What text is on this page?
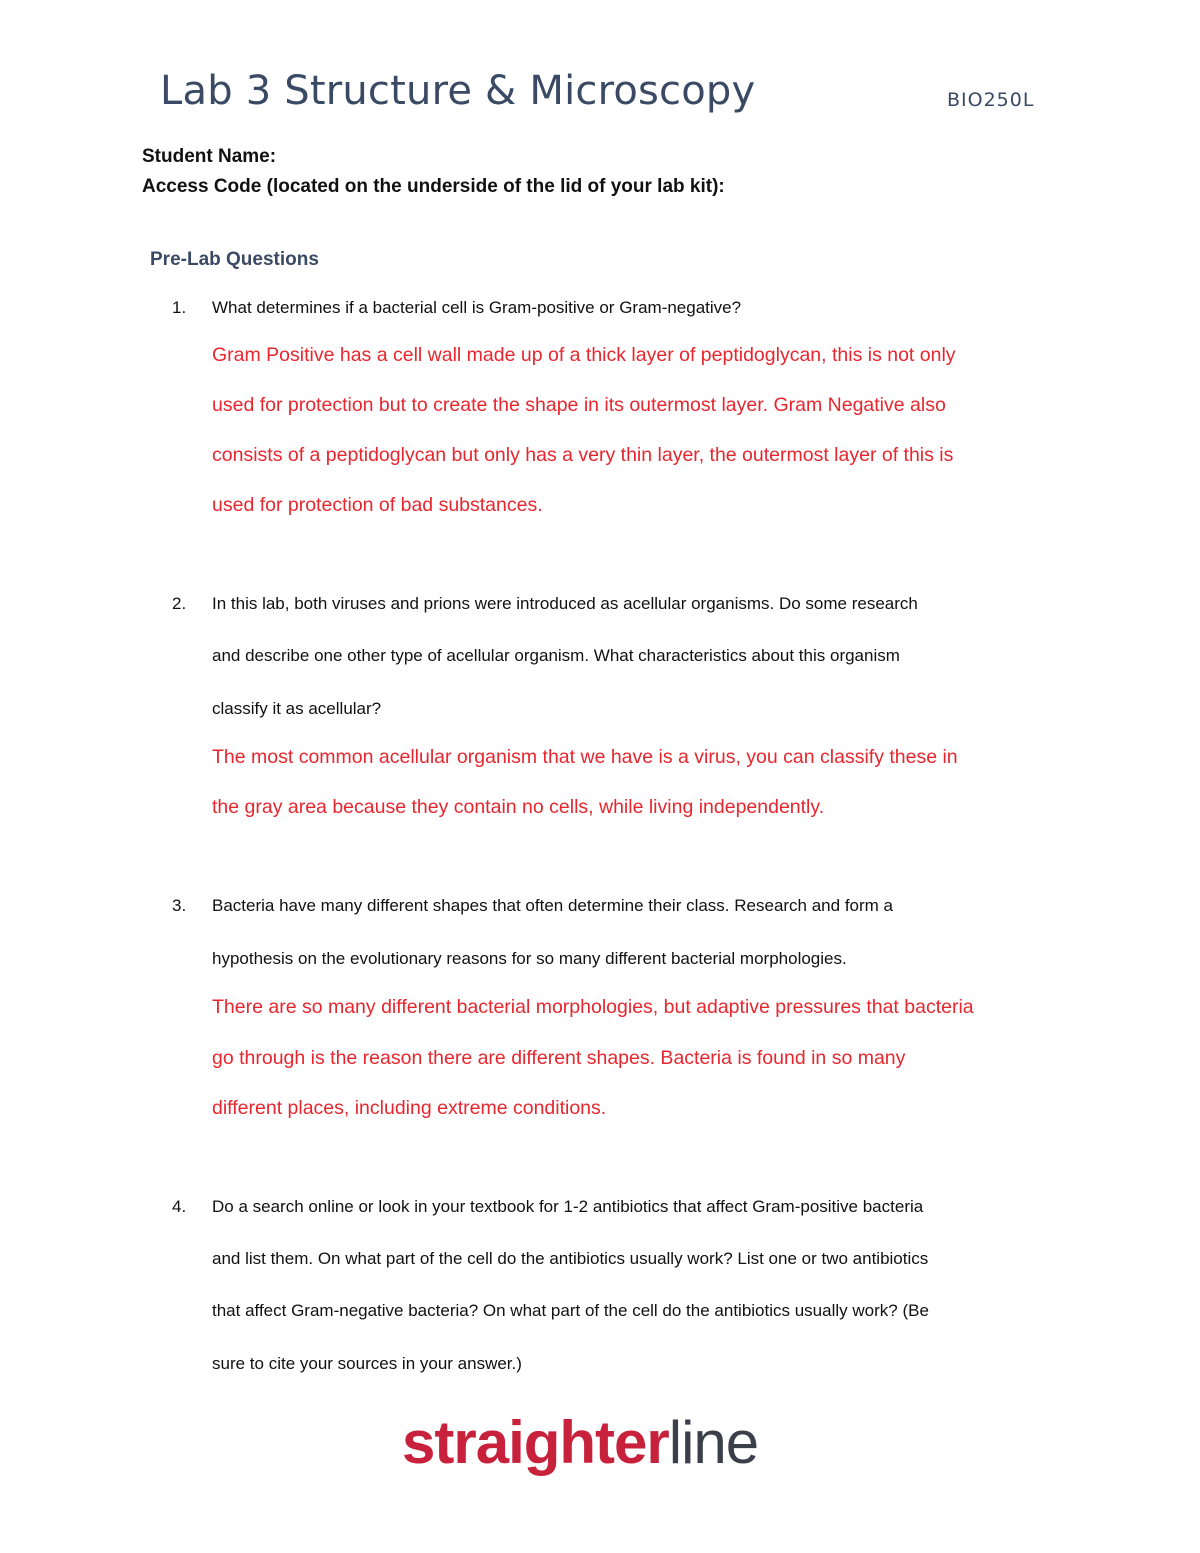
Lab 3 Structure & Microscopy	BIO250L
Student Name:
Access Code (located on the underside of the lid of your lab kit):
Pre-Lab Questions
1. What determines if a bacterial cell is Gram-positive or Gram-negative?
Gram Positive has a cell wall made up of a thick layer of peptidoglycan, this is not only
used for protection but to create the shape in its outermost layer. Gram Negative also
consists of a peptidoglycan but only has a very thin layer, the outermost layer of this is
used for protection of bad substances.
2. In this lab, both viruses and prions were introduced as acellular organisms. Do some research
and describe one other type of acellular organism. What characteristics about this organism
classify it as acellular?
The most common acellular organism that we have is a virus, you can classify these in
the gray area because they contain no cells, while living independently.
3. Bacteria have many different shapes that often determine their class. Research and form a
hypothesis on the evolutionary reasons for so many different bacterial morphologies.
There are so many different bacterial morphologies, but adaptive pressures that bacteria
go through is the reason there are different shapes. Bacteria is found in so many
different places, including extreme conditions.
4. Do a search online or look in your textbook for 1-2 antibiotics that affect Gram-positive bacteria
and list them. On what part of the cell do the antibiotics usually work? List one or two antibiotics
that affect Gram-negative bacteria? On what part of the cell do the antibiotics usually work? (Be
sure to cite your sources in your answer.)
straighterline
